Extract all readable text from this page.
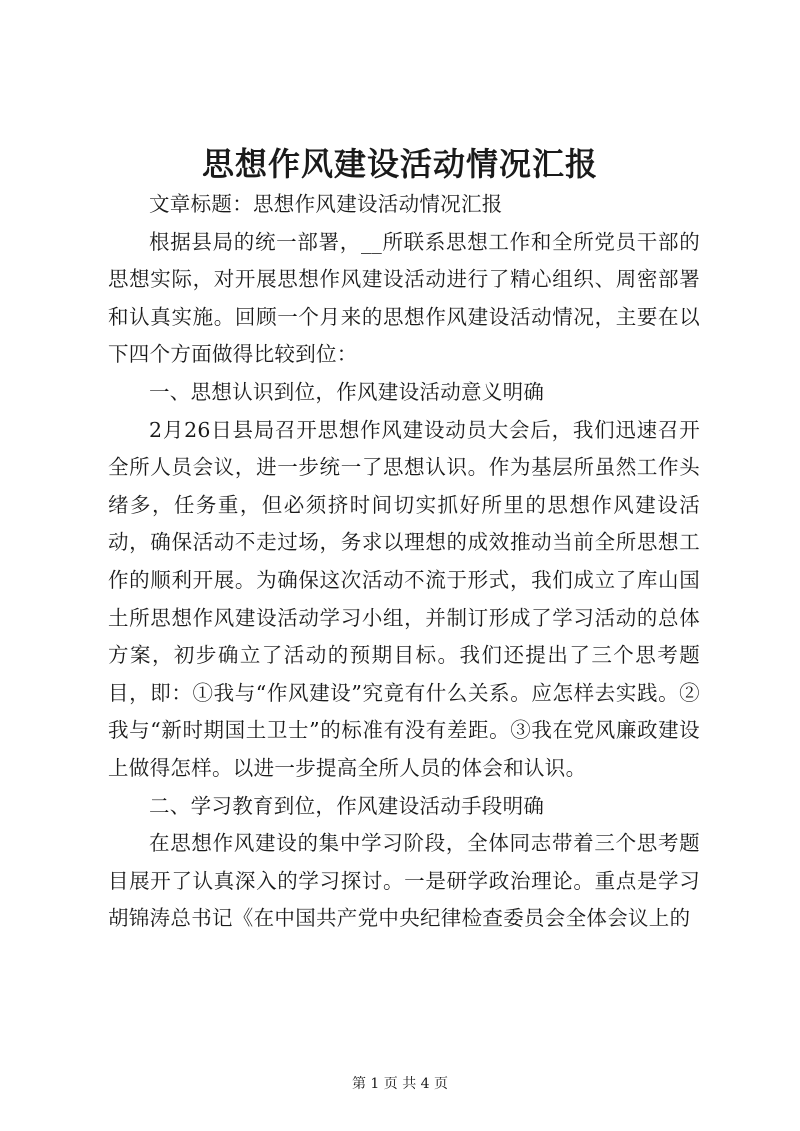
思想作风建设活动情况汇报

文章标题：思想作风建设活动情况汇报

根据县局的统一部署，__所联系思想工作和全所党员干部的思想实际，对开展思想作风建设活动进行了精心组织、周密部署和认真实施。回顾一个月来的思想作风建设活动情况，主要在以下四个方面做得比较到位：

一、思想认识到位，作风建设活动意义明确

2月26日县局召开思想作风建设动员大会后，我们迅速召开全所人员会议，进一步统一了思想认识。作为基层所虽然工作头绪多，任务重，但必须挤时间切实抓好所里的思想作风建设活动，确保活动不走过场，务求以理想的成效推动当前全所思想工作的顺利开展。为确保这次活动不流于形式，我们成立了库山国土所思想作风建设活动学习小组，并制订形成了学习活动的总体方案，初步确立了活动的预期目标。我们还提出了三个思考题目，即：①我与“作风建设”究竟有什么关系。应怎样去实践。②我与“新时期国土卫士”的标准有没有差距。③我在党风廉政建设上做得怎样。以进一步提高全所人员的体会和认识。

二、学习教育到位，作风建设活动手段明确

在思想作风建设的集中学习阶段，全体同志带着三个思考题目展开了认真深入的学习探讨。一是研学政治理论。重点是学习胡锦涛总书记《在中国共产党中央纪律检查委员会全体会议上的

第 1 页 共 4 页
